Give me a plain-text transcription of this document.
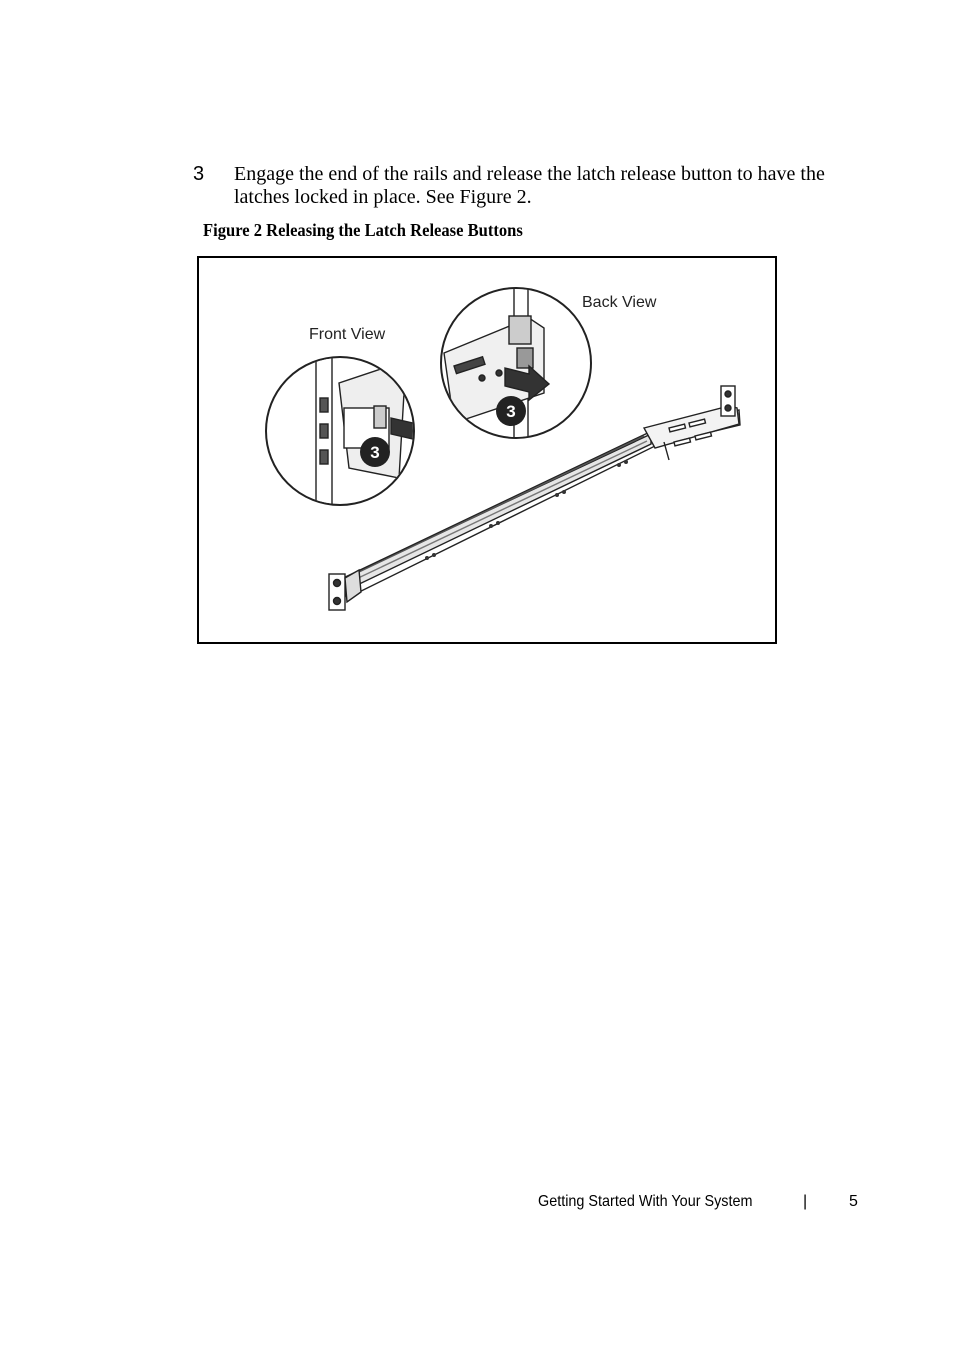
3 Engage the end of the rails and release the latch release button to have the latches locked in place. See Figure 2.
Figure 2 Releasing the Latch Release Buttons
3
Front View
3
Back View
Getting Started With Your System	|	5
